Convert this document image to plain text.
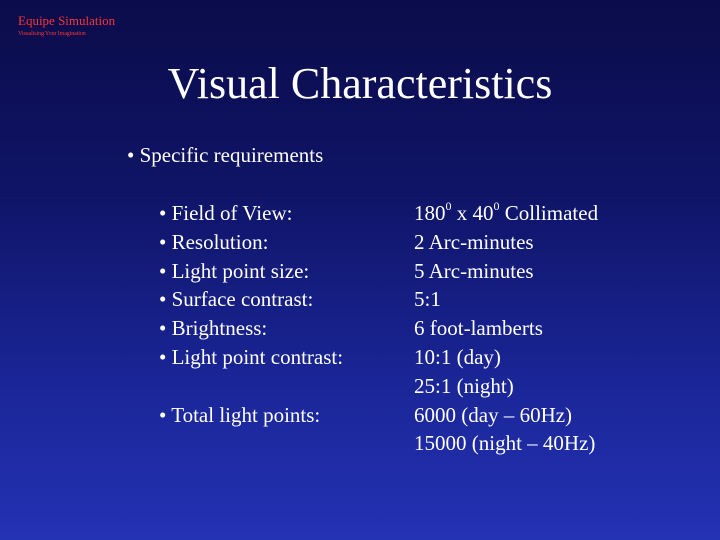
Equipe Simulation
Visualising Your Imagination
Visual Characteristics
• Specific requirements
• Field of View:
• Resolution:
• Light point size:
• Surface contrast:
• Brightness:
• Light point contrast:
• Total light points:
$180^0$ x $40^0$ Collimated
2 Arc-minutes
5 Arc-minutes
5:1
6 foot-lamberts
10:1 (day)
25:1 (night)
6000 (day – 60Hz)
15000 (night – 40Hz)
